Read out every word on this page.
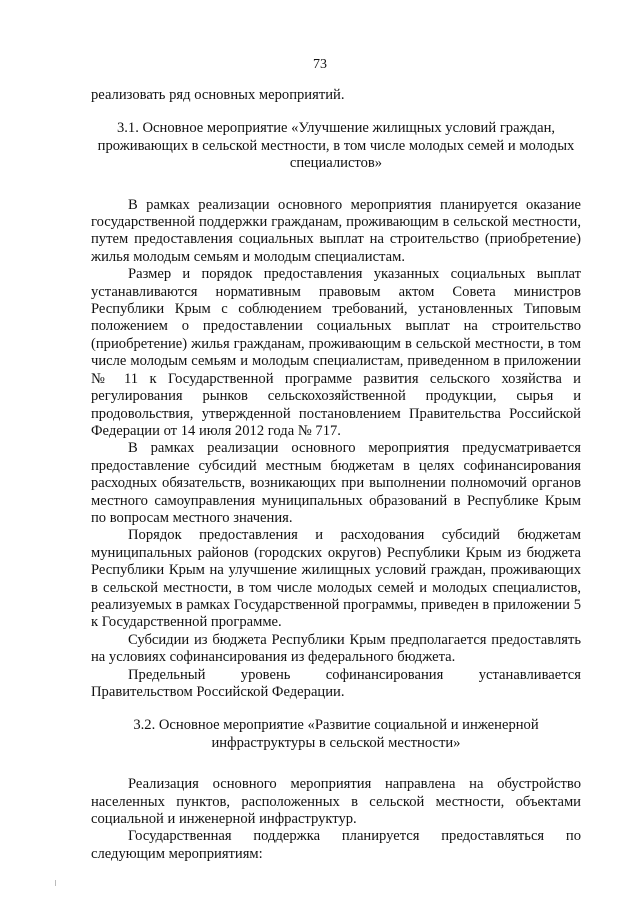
73

реализовать ряд основных мероприятий.

3.1. Основное мероприятие «Улучшение жилищных условий граждан, проживающих в сельской местности, в том числе молодых семей и молодых специалистов»

В рамках реализации основного мероприятия планируется оказание государственной поддержки гражданам, проживающим в сельской местности, путем предоставления социальных выплат на строительство (приобретение) жилья молодым семьям и молодым специалистам.

Размер и порядок предоставления указанных социальных выплат устанавливаются нормативным правовым актом Совета министров Республики Крым с соблюдением требований, установленных Типовым положением о предоставлении социальных выплат на строительство (приобретение) жилья гражданам, проживающим в сельской местности, в том числе молодым семьям и молодым специалистам, приведенном в приложении № 11 к Государственной программе развития сельского хозяйства и регулирования рынков сельскохозяйственной продукции, сырья и продовольствия, утвержденной постановлением Правительства Российской Федерации от 14 июля 2012 года № 717.

В рамках реализации основного мероприятия предусматривается предоставление субсидий местным бюджетам в целях софинансирования расходных обязательств, возникающих при выполнении полномочий органов местного самоуправления муниципальных образований в Республике Крым по вопросам местного значения.

Порядок предоставления и расходования субсидий бюджетам муниципальных районов (городских округов) Республики Крым из бюджета Республики Крым на улучшение жилищных условий граждан, проживающих в сельской местности, в том числе молодых семей и молодых специалистов, реализуемых в рамках Государственной программы, приведен в приложении 5 к Государственной программе.

Субсидии из бюджета Республики Крым предполагается предоставлять на условиях софинансирования из федерального бюджета.

Предельный уровень софинансирования устанавливается Правительством Российской Федерации.

3.2. Основное мероприятие «Развитие социальной и инженерной инфраструктуры в сельской местности»

Реализация основного мероприятия направлена на обустройство населенных пунктов, расположенных в сельской местности, объектами социальной и инженерной инфраструктур.

Государственная поддержка планируется предоставляться по следующим мероприятиям:
